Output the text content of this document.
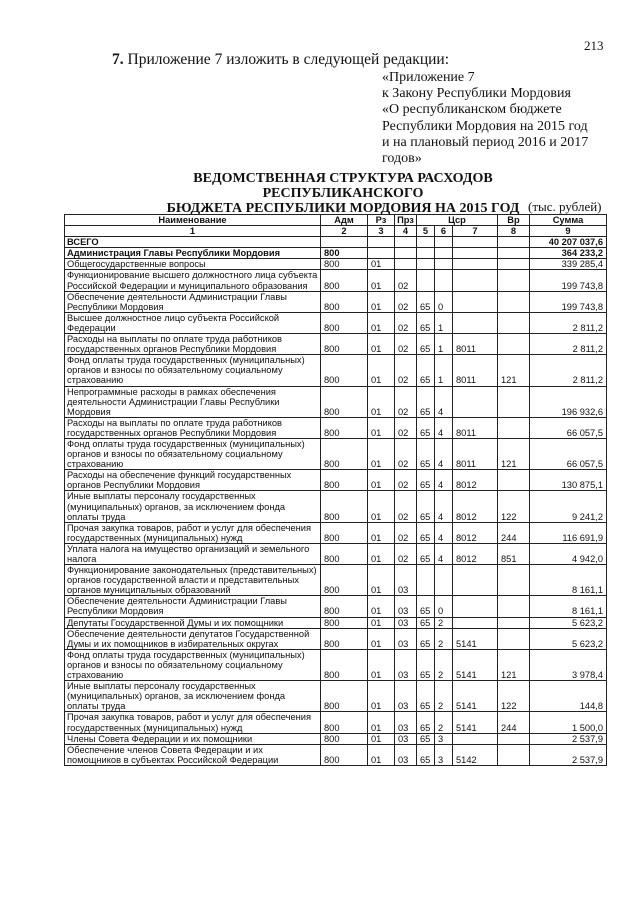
213
7. Приложение 7 изложить в следующей редакции:
«Приложение 7
к Закону Республики Мордовия
«О республиканском бюджете
Республики Мордовия на 2015 год
и на плановый период 2016 и 2017
годов»
ВЕДОМСТВЕННАЯ СТРУКТУРА РАСХОДОВ РЕСПУБЛИКАНСКОГО
БЮДЖЕТА РЕСПУБЛИКИ МОРДОВИЯ НА 2015 ГОД (тыс. рублей)
Наименование	Адм	Рз	Прз	Цср			Вр	Сумма
1	2	3	4	5	6	7	8	9
ВСЕГО								40 207 037,6
Администрация Главы Республики Мордовия	800							364 233,2
Общегосударственные вопросы	800	01						339 285,4
Функционирование высшего должностного лица субъекта Российской Федерации и муниципального образования	800	01	02					199 743,8
Обеспечение деятельности Администрации Главы Республики Мордовия	800	01	02	65	0			199 743,8
Высшее должностное лицо субъекта Российской Федерации	800	01	02	65	1			2 811,2
Расходы на выплаты по оплате труда работников государственных органов Республики Мордовия	800	01	02	65	1	8011		2 811,2
Фонд оплаты труда государственных (муниципальных) органов и взносы по обязательному социальному страхованию	800	01	02	65	1	8011	121	2 811,2
Непрограммные расходы в рамках обеспечения деятельности Администрации Главы Республики Мордовия	800	01	02	65	4			196 932,6
Расходы на выплаты по оплате труда работников государственных органов Республики Мордовия	800	01	02	65	4	8011		66 057,5
Фонд оплаты труда государственных (муниципальных) органов и взносы по обязательному социальному страхованию	800	01	02	65	4	8011	121	66 057,5
Расходы на обеспечение функций государственных органов Республики Мордовия	800	01	02	65	4	8012		130 875,1
Иные выплаты персоналу государственных (муниципальных) органов, за исключением фонда оплаты труда	800	01	02	65	4	8012	122	9 241,2
Прочая закупка товаров, работ и услуг для обеспечения государственных (муниципальных) нужд	800	01	02	65	4	8012	244	116 691,9
Уплата налога на имущество организаций и земельного налога	800	01	02	65	4	8012	851	4 942,0
Функционирование законодательных (представительных) органов государственной власти и представительных органов муниципальных образований	800	01	03					8 161,1
Обеспечение деятельности Администрации Главы Республики Мордовия	800	01	03	65	0			8 161,1
Депутаты Государственной Думы и их помощники	800	01	03	65	2			5 623,2
Обеспечение деятельности депутатов Государственной Думы и их помощников в избирательных округах	800	01	03	65	2	5141		5 623,2
Фонд оплаты труда государственных (муниципальных) органов и взносы по обязательному социальному страхованию	800	01	03	65	2	5141	121	3 978,4
Иные выплаты персоналу государственных (муниципальных) органов, за исключением фонда оплаты труда	800	01	03	65	2	5141	122	144,8
Прочая закупка товаров, работ и услуг для обеспечения государственных (муниципальных) нужд	800	01	03	65	2	5141	244	1 500,0
Члены Совета Федерации и их помощники	800	01	03	65	3			2 537,9
Обеспечение членов Совета Федерации и их помощников в субъектах Российской Федерации	800	01	03	65	3	5142		2 537,9
